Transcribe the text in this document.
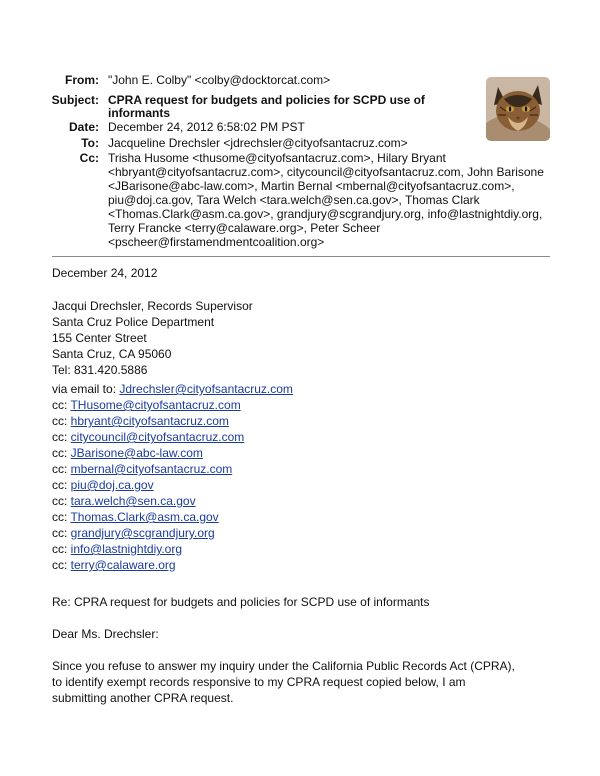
From: "John E. Colby" <colby@docktorcat.com>
Subject: CPRA request for budgets and policies for SCPD use of
informants
Date: December 24, 2012 6:58:02 PM PST
To: Jacqueline Drechsler <jdrechsler@cityofsantacruz.com>
Cc: Trisha Husome <thusome@cityofsantacruz.com>, Hilary Bryant
<hbryant@cityofsantacruz.com>, citycouncil@cityofsantacruz.com, John Barisone
<JBarisone@abc-law.com>, Martin Bernal <mbernal@cityofsantacruz.com>,
piu@doj.ca.gov, Tara Welch <tara.welch@sen.ca.gov>, Thomas Clark
<Thomas.Clark@asm.ca.gov>, grandjury@scgrandjury.org, info@lastnightdiy.org,
Terry Francke <terry@calaware.org>, Peter Scheer
<pscheer@firstamendmentcoalition.org>
December 24, 2012
Jacqui Drechsler, Records Supervisor
Santa Cruz Police Department
155 Center Street
Santa Cruz, CA 95060
Tel: 831.420.5886
via email to: Jdrechsler@cityofsantacruz.com
cc: THusome@cityofsantacruz.com
cc: hbryant@cityofsantacruz.com
cc: citycouncil@cityofsantacruz.com
cc: JBarisone@abc-law.com
cc: mbernal@cityofsantacruz.com
cc: piu@doj.ca.gov
cc: tara.welch@sen.ca.gov
cc: Thomas.Clark@asm.ca.gov
cc: grandjury@scgrandjury.org
cc: info@lastnightdiy.org
cc: terry@calaware.org
Re: CPRA request for budgets and policies for SCPD use of informants
Dear Ms. Drechsler:
Since you refuse to answer my inquiry under the California Public Records Act (CPRA),
to identify exempt records responsive to my CPRA request copied below, I am
submitting another CPRA request.
